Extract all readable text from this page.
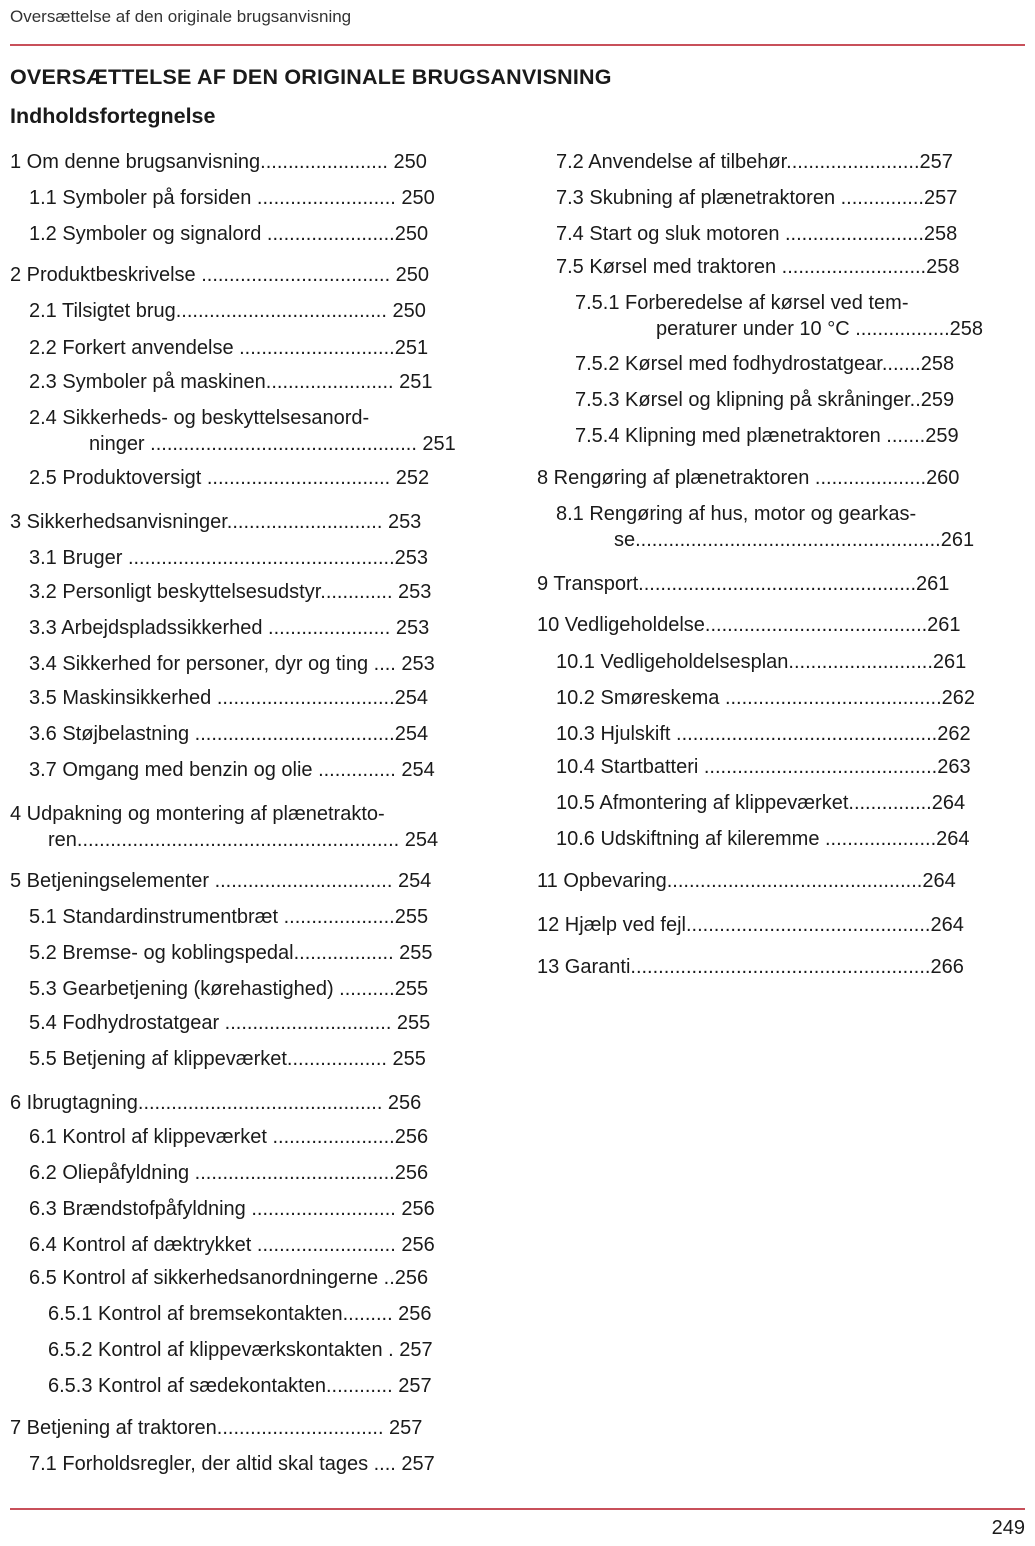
Oversættelse af den originale brugsanvisning
OVERSÆTTELSE AF DEN ORIGINALE BRUGSANVISNING
Indholdsfortegnelse
1 Om denne brugsanvisning....................... 250
1.1 Symboler på forsiden ......................... 250
1.2 Symboler og signalord .......................250
2 Produktbeskrivelse .................................. 250
2.1 Tilsigtet brug...................................... 250
2.2 Forkert anvendelse ............................251
2.3 Symboler på maskinen....................... 251
2.4 Sikkerheds- og beskyttelsesanord-
ninger ................................................ 251
2.5 Produktoversigt ................................. 252
3 Sikkerhedsanvisninger............................ 253
3.1 Bruger ................................................253
3.2 Personligt beskyttelsesudstyr............. 253
3.3 Arbejdspladssikkerhed ...................... 253
3.4 Sikkerhed for personer, dyr og ting .... 253
3.5 Maskinsikkerhed ................................254
3.6 Støjbelastning ....................................254
3.7 Omgang med benzin og olie .............. 254
4 Udpakning og montering af plænetrakto-
ren.......................................................... 254
5 Betjeningselementer ................................ 254
5.1 Standardinstrumentbræt ....................255
5.2 Bremse- og koblingspedal.................. 255
5.3 Gearbetjening (kørehastighed) ..........255
5.4 Fodhydrostatgear .............................. 255
5.5 Betjening af klippeværket.................. 255
6 Ibrugtagning............................................ 256
6.1 Kontrol af klippeværket ......................256
6.2 Oliepåfyldning ....................................256
6.3 Brændstofpåfyldning .......................... 256
6.4 Kontrol af dæktrykket ......................... 256
6.5 Kontrol af sikkerhedsanordningerne ..256
6.5.1 Kontrol af bremsekontakten......... 256
6.5.2 Kontrol af klippeværkskontakten . 257
6.5.3 Kontrol af sædekontakten............ 257
7 Betjening af traktoren.............................. 257
7.1 Forholdsregler, der altid skal tages .... 257
7.2 Anvendelse af tilbehør........................257
7.3 Skubning af plænetraktoren ...............257
7.4 Start og sluk motoren .........................258
7.5 Kørsel med traktoren ..........................258
7.5.1 Forberedelse af kørsel ved tem-
peraturer under 10 °C .................258
7.5.2 Kørsel med fodhydrostatgear.......258
7.5.3 Kørsel og klipning på skråninger..259
7.5.4 Klipning med plænetraktoren .......259
8 Rengøring af plænetraktoren ....................260
8.1 Rengøring af hus, motor og gearkas-
se.......................................................261
9 Transport..................................................261
10 Vedligeholdelse........................................261
10.1 Vedligeholdelsesplan..........................261
10.2 Smøreskema .......................................262
10.3 Hjulskift ...............................................262
10.4 Startbatteri ..........................................263
10.5 Afmontering af klippeværket...............264
10.6 Udskiftning af kileremme ....................264
11 Opbevaring..............................................264
12 Hjælp ved fejl............................................264
13 Garanti......................................................266
249
